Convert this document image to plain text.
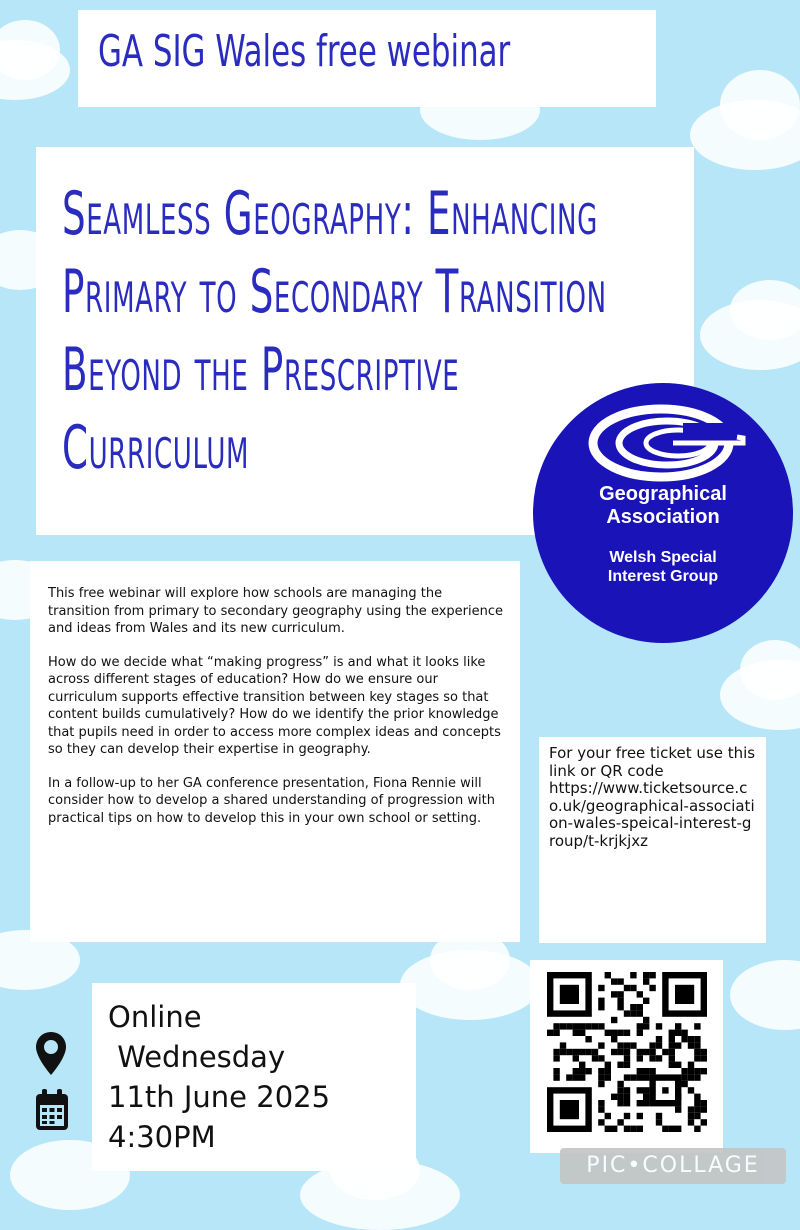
GA SIG Wales free webinar
Seamless Geography: Enhancing
Primary to Secondary Transition
Beyond the Prescriptive
Curriculum
Geographical
Association
Welsh Special
Interest Group

This free webinar will explore how schools are managing the transition from primary to secondary geography using the experience and ideas from Wales and its new curriculum.

How do we decide what “making progress” is and what it looks like across different stages of education? How do we ensure our curriculum supports effective transition between key stages so that content builds cumulatively? How do we identify the prior knowledge that pupils need in order to access more complex ideas and concepts so they can develop their expertise in geography.

In a follow-up to her GA conference presentation, Fiona Rennie will consider how to develop a shared understanding of progression with practical tips on how to develop this in your own school or setting.

For your free ticket use this link or QR code
https://www.ticketsource.co.uk/geographical-association-wales-speical-interest-group/t-krjkjxz
Online
Wednesday
11th June 2025
4:30PM
PIC•COLLAGE
